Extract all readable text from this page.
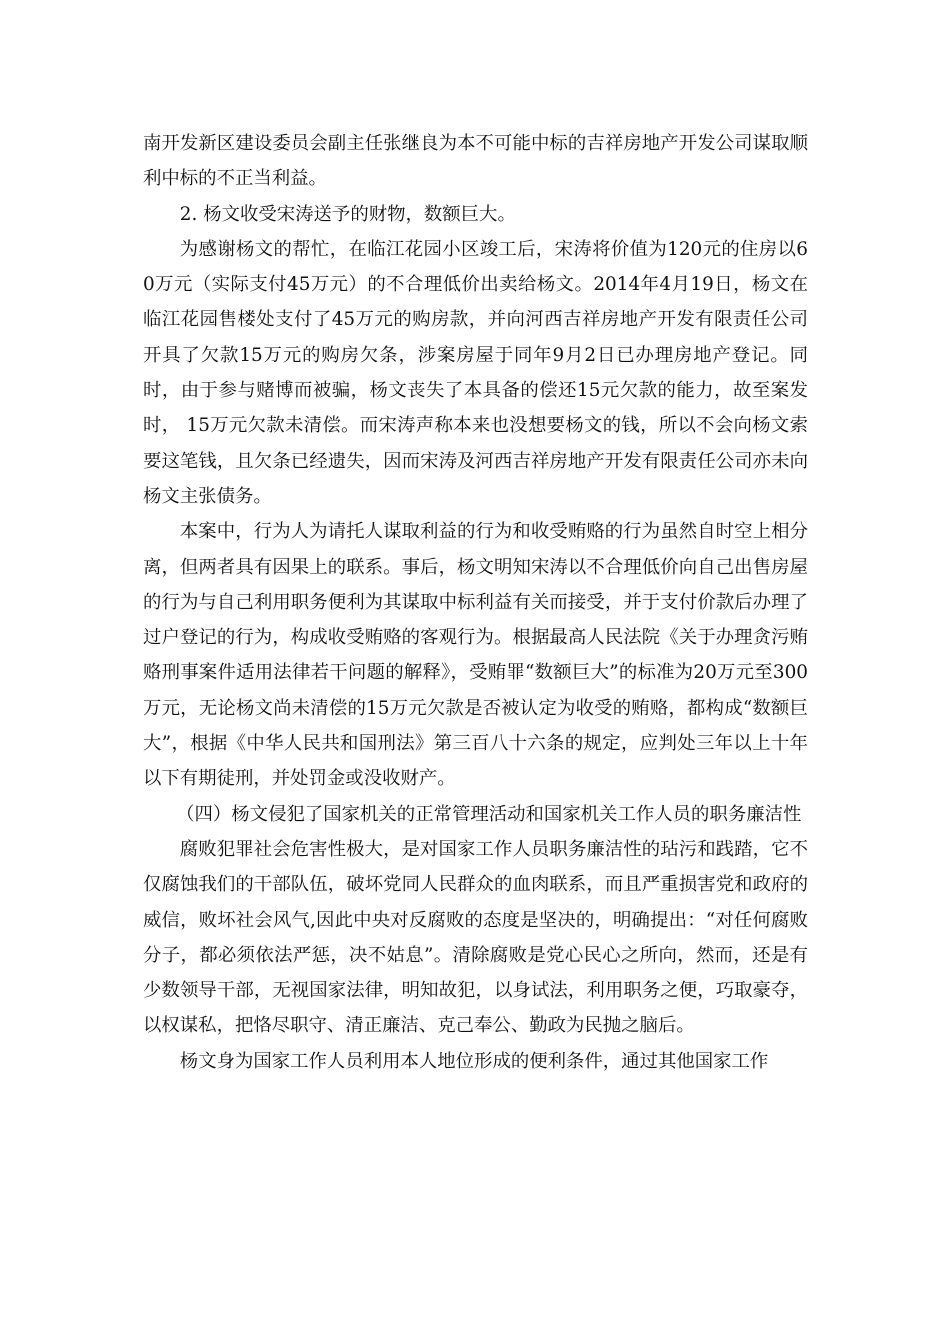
南开发新区建设委员会副主任张继良为本不可能中标的吉祥房地产开发公司谋取顺利中标的不正当利益。

2. 杨文收受宋涛送予的财物，数额巨大。

为感谢杨文的帮忙，在临江花园小区竣工后，宋涛将价值为120元的住房以60万元（实际支付45万元）的不合理低价出卖给杨文。2014年4月19日，杨文在临江花园售楼处支付了45万元的购房款，并向河西吉祥房地产开发有限责任公司开具了欠款15万元的购房欠条，涉案房屋于同年9月2日已办理房地产登记。同时，由于参与赌博而被骗，杨文丧失了本具备的偿还15元欠款的能力，故至案发时， 15万元欠款未清偿。而宋涛声称本来也没想要杨文的钱，所以不会向杨文索要这笔钱，且欠条已经遗失，因而宋涛及河西吉祥房地产开发有限责任公司亦未向杨文主张债务。

本案中，行为人为请托人谋取利益的行为和收受贿赂的行为虽然自时空上相分离，但两者具有因果上的联系。事后，杨文明知宋涛以不合理低价向自己出售房屋的行为与自己利用职务便利为其谋取中标利益有关而接受，并于支付价款后办理了过户登记的行为，构成收受贿赂的客观行为。根据最高人民法院《关于办理贪污贿赂刑事案件适用法律若干问题的解释》，受贿罪“数额巨大”的标准为20万元至300万元，无论杨文尚未清偿的15万元欠款是否被认定为收受的贿赂，都构成“数额巨大”，根据《中华人民共和国刑法》第三百八十六条的规定，应判处三年以上十年以下有期徒刑，并处罚金或没收财产。

（四）杨文侵犯了国家机关的正常管理活动和国家机关工作人员的职务廉洁性

腐败犯罪社会危害性极大，是对国家工作人员职务廉洁性的玷污和践踏，它不仅腐蚀我们的干部队伍，破坏党同人民群众的血肉联系，而且严重损害党和政府的威信，败坏社会风气,因此中央对反腐败的态度是坚决的，明确提出：“对任何腐败分子，都必须依法严惩，决不姑息”。清除腐败是党心民心之所向，然而，还是有少数领导干部，无视国家法律，明知故犯，以身试法，利用职务之便，巧取豪夺，以权谋私，把恪尽职守、清正廉洁、克己奉公、勤政为民抛之脑后。

杨文身为国家工作人员利用本人地位形成的便利条件，通过其他国家工作
